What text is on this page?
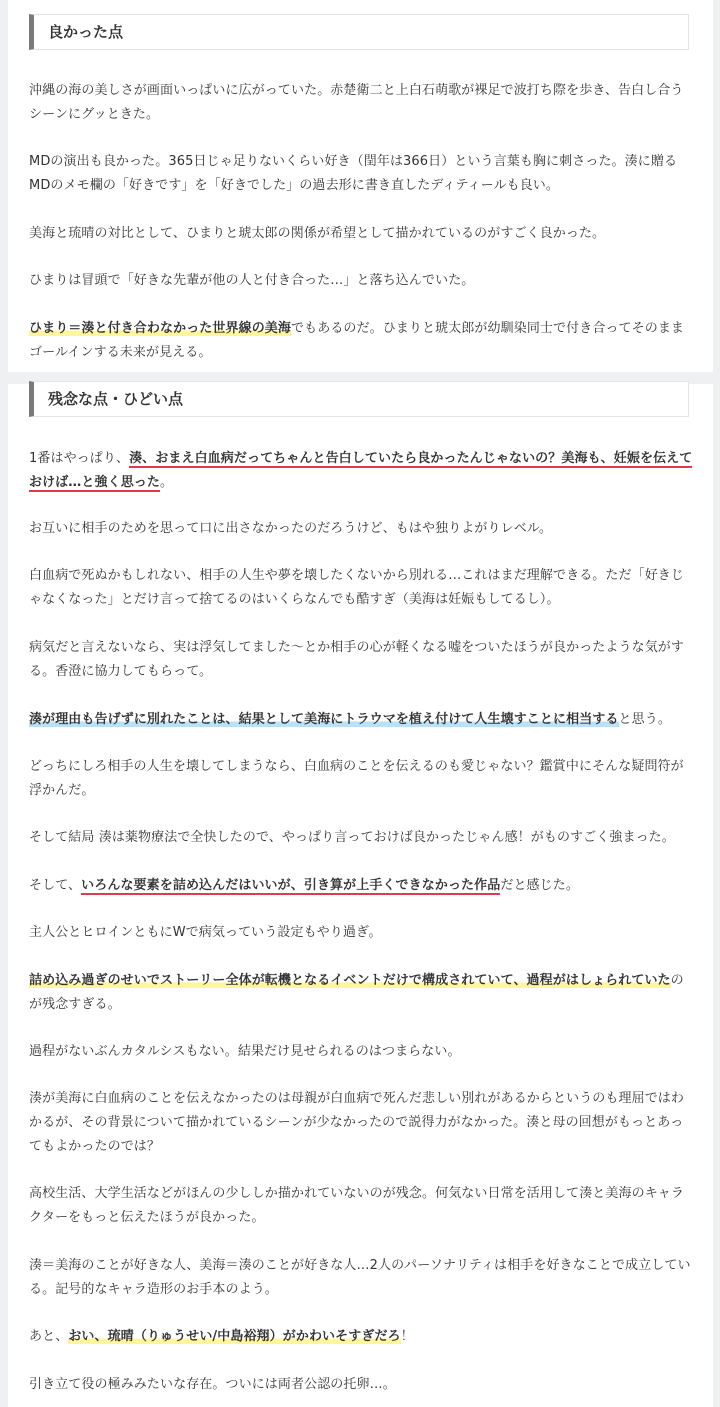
良かった点

沖縄の海の美しさが画面いっぱいに広がっていた。赤楚衛二と上白石萌歌が裸足で波打ち際を歩き、告白し合うシーンにグッときた。

MDの演出も良かった。365日じゃ足りないくらい好き（閏年は366日）という言葉も胸に刺さった。湊に贈るMDのメモ欄の「好きです」を「好きでした」の過去形に書き直したディティールも良い。

美海と琉晴の対比として、ひまりと琥太郎の関係が希望として描かれているのがすごく良かった。

ひまりは冒頭で「好きな先輩が他の人と付き合った…」と落ち込んでいた。

ひまり＝湊と付き合わなかった世界線の美海でもあるのだ。ひまりと琥太郎が幼馴染同士で付き合ってそのままゴールインする未来が見える。

残念な点・ひどい点

1番はやっぱり、湊、おまえ白血病だってちゃんと告白していたら良かったんじゃないの？美海も、妊娠を伝えておけば…と強く思った。

お互いに相手のためを思って口に出さなかったのだろうけど、もはや独りよがりレベル。

白血病で死ぬかもしれない、相手の人生や夢を壊したくないから別れる…これはまだ理解できる。ただ「好きじゃなくなった」とだけ言って捨てるのはいくらなんでも酷すぎ（美海は妊娠もしてるし）。

病気だと言えないなら、実は浮気してました〜とか相手の心が軽くなる嘘をついたほうが良かったような気がする。香澄に協力してもらって。

湊が理由も告げずに別れたことは、結果として美海にトラウマを植え付けて人生壊すことに相当すると思う。

どっちにしろ相手の人生を壊してしまうなら、白血病のことを伝えるのも愛じゃない？鑑賞中にそんな疑問符が浮かんだ。

そして結局 湊は薬物療法で全快したので、やっぱり言っておけば良かったじゃん感！がものすごく強まった。

そして、いろんな要素を詰め込んだはいいが、引き算が上手くできなかった作品だと感じた。

主人公とヒロインともにWで病気っていう設定もやり過ぎ。

詰め込み過ぎのせいでストーリー全体が転機となるイベントだけで構成されていて、過程がはしょられていたのが残念すぎる。

過程がないぶんカタルシスもない。結果だけ見せられるのはつまらない。

湊が美海に白血病のことを伝えなかったのは母親が白血病で死んだ悲しい別れがあるからというのも理屈ではわかるが、その背景について描かれているシーンが少なかったので説得力がなかった。湊と母の回想がもっとあってもよかったのでは？

高校生活、大学生活などがほんの少ししか描かれていないのが残念。何気ない日常を活用して湊と美海のキャラクターをもっと伝えたほうが良かった。

湊＝美海のことが好きな人、美海＝湊のことが好きな人…2人のパーソナリティは相手を好きなことで成立している。記号的なキャラ造形のお手本のよう。

あと、おい、琉晴（りゅうせい/中島裕翔）がかわいそすぎだろ！

引き立て役の極みみたいな存在。ついには両者公認の托卵…。
